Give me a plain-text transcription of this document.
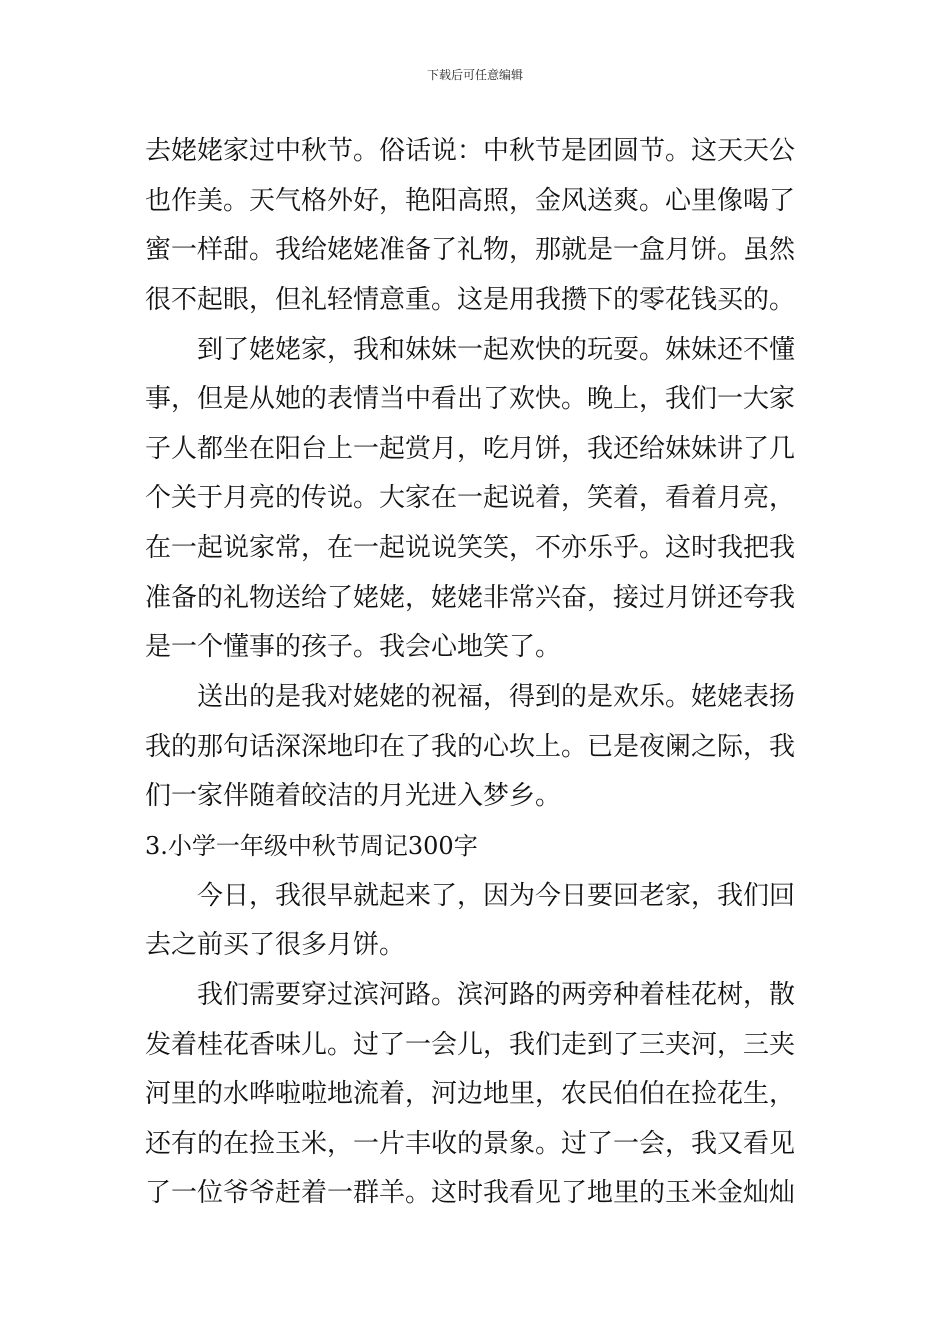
下载后可任意编辑
去姥姥家过中秋节。俗话说：中秋节是团圆节。这天天公
也作美。天气格外好，艳阳高照，金风送爽。心里像喝了
蜜一样甜。我给姥姥准备了礼物，那就是一盒月饼。虽然
很不起眼，但礼轻情意重。这是用我攒下的零花钱买的。
到了姥姥家，我和妹妹一起欢快的玩耍。妹妹还不懂
事，但是从她的表情当中看出了欢快。晚上，我们一大家
子人都坐在阳台上一起赏月，吃月饼，我还给妹妹讲了几
个关于月亮的传说。大家在一起说着，笑着，看着月亮，
在一起说家常，在一起说说笑笑，不亦乐乎。这时我把我
准备的礼物送给了姥姥，姥姥非常兴奋，接过月饼还夸我
是一个懂事的孩子。我会心地笑了。
送出的是我对姥姥的祝福，得到的是欢乐。姥姥表扬
我的那句话深深地印在了我的心坎上。已是夜阑之际，我
们一家伴随着皎洁的月光进入梦乡。
3.小学一年级中秋节周记300字
今日，我很早就起来了，因为今日要回老家，我们回
去之前买了很多月饼。
我们需要穿过滨河路。滨河路的两旁种着桂花树，散
发着桂花香味儿。过了一会儿，我们走到了三夹河，三夹
河里的水哗啦啦地流着，河边地里，农民伯伯在捡花生，
还有的在捡玉米，一片丰收的景象。过了一会，我又看见
了一位爷爷赶着一群羊。这时我看见了地里的玉米金灿灿
